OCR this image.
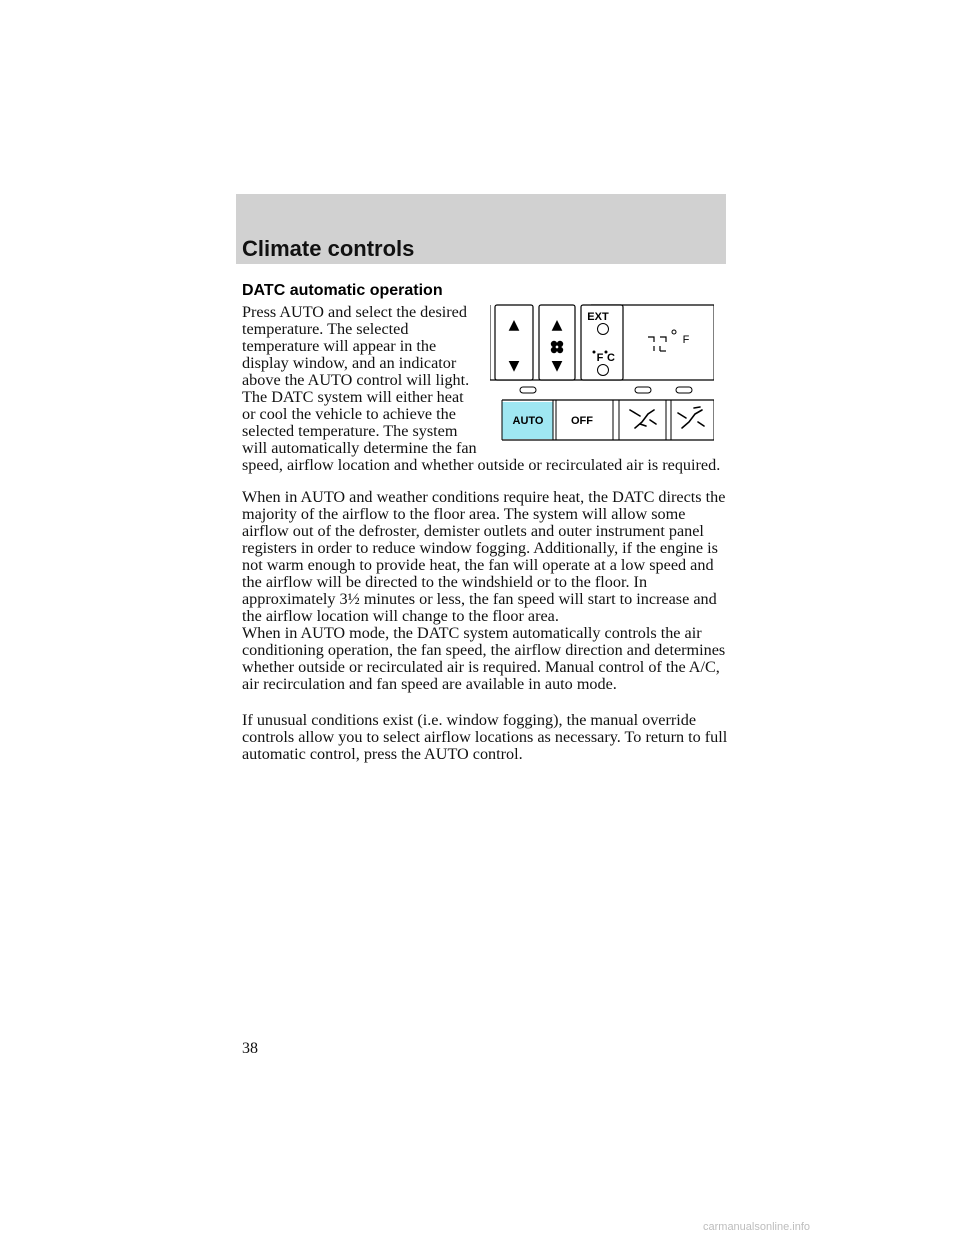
Climate controls
DATC automatic operation
Press AUTO and select the desired temperature. The selected temperature will appear in the display window, and an indicator above the AUTO control will light. The DATC system will either heat or cool the vehicle to achieve the selected temperature. The system will automatically determine the fan speed, airflow location and whether outside or recirculated air is required.
▲
▼
▲
▼
EXT
F C
F
AUTO	OFF

When in AUTO and weather conditions require heat, the DATC directs the majority of the airflow to the floor area. The system will allow some airflow out of the defroster, demister outlets and outer instrument panel registers in order to reduce window fogging. Additionally, if the engine is not warm enough to provide heat, the fan will operate at a low speed and the airflow will be directed to the windshield or to the floor. In approximately 3½ minutes or less, the fan speed will start to increase and the airflow location will change to the floor area.

When in AUTO mode, the DATC system automatically controls the air conditioning operation, the fan speed, the airflow direction and determines whether outside or recirculated air is required. Manual control of the A/C, air recirculation and fan speed are available in auto mode.

If unusual conditions exist (i.e. window fogging), the manual override controls allow you to select airflow locations as necessary. To return to full automatic control, press the AUTO control.

38

carmanualsonline.info
